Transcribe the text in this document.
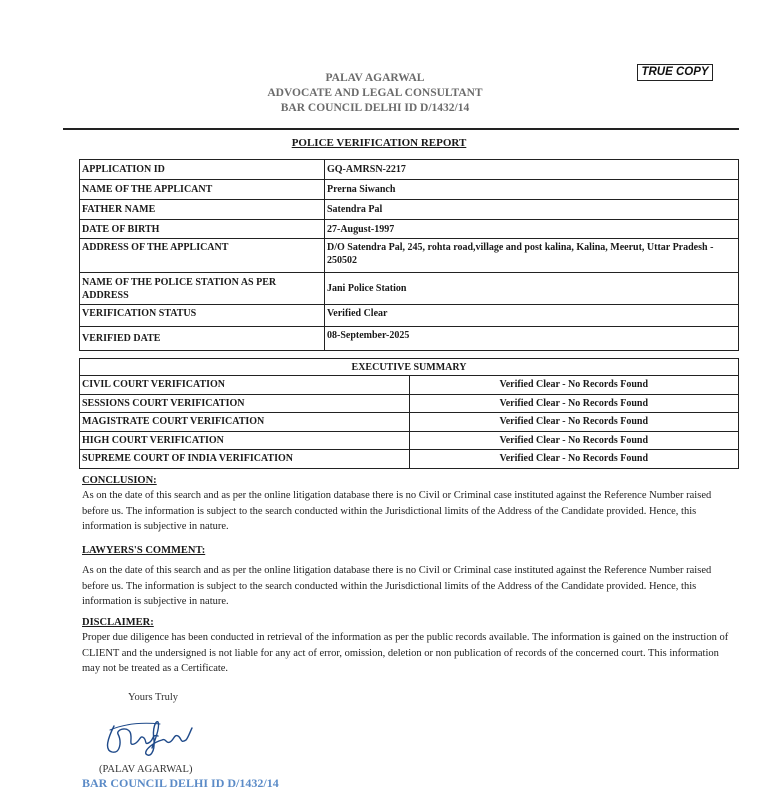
TRUE COPY
PALAV AGARWAL
ADVOCATE AND LEGAL CONSULTANT
BAR COUNCIL DELHI ID D/1432/14
POLICE VERIFICATION REPORT
APPLICATION ID	GQ-AMRSN-2217
NAME OF THE APPLICANT	Prerna Siwanch
FATHER NAME	Satendra Pal
DATE OF BIRTH	27-August-1997
ADDRESS OF THE APPLICANT	D/O Satendra Pal, 245, rohta road,village and post kalina, Kalina, Meerut, Uttar Pradesh - 250502
NAME OF THE POLICE STATION AS PER ADDRESS	Jani Police Station
VERIFICATION STATUS	Verified Clear
VERIFIED DATE	08-September-2025
EXECUTIVE SUMMARY	
CIVIL COURT VERIFICATION	Verified Clear - No Records Found
SESSIONS COURT VERIFICATION	Verified Clear - No Records Found
MAGISTRATE COURT VERIFICATION	Verified Clear - No Records Found
HIGH COURT VERIFICATION	Verified Clear - No Records Found
SUPREME COURT OF INDIA VERIFICATION	Verified Clear - No Records Found
CONCLUSION:
As on the date of this search and as per the online litigation database there is no Civil or Criminal case instituted against the Reference Number raised before us. The information is subject to the search conducted within the Jurisdictional limits of the Address of the Candidate provided. Hence, this information is subjective in nature.
LAWYERS'S COMMENT:
As on the date of this search and as per the online litigation database there is no Civil or Criminal case instituted against the Reference Number raised before us. The information is subject to the search conducted within the Jurisdictional limits of the Address of the Candidate provided. Hence, this information is subjective in nature.
DISCLAIMER:
Proper due diligence has been conducted in retrieval of the information as per the public records available. The information is gained on the instruction of CLIENT and the undersigned is not liable for any act of error, omission, deletion or non publication of records of the concerned court. This information may not be treated as a Certificate.
Yours Truly
(PALAV AGARWAL)
BAR COUNCIL DELHI ID D/1432/14
